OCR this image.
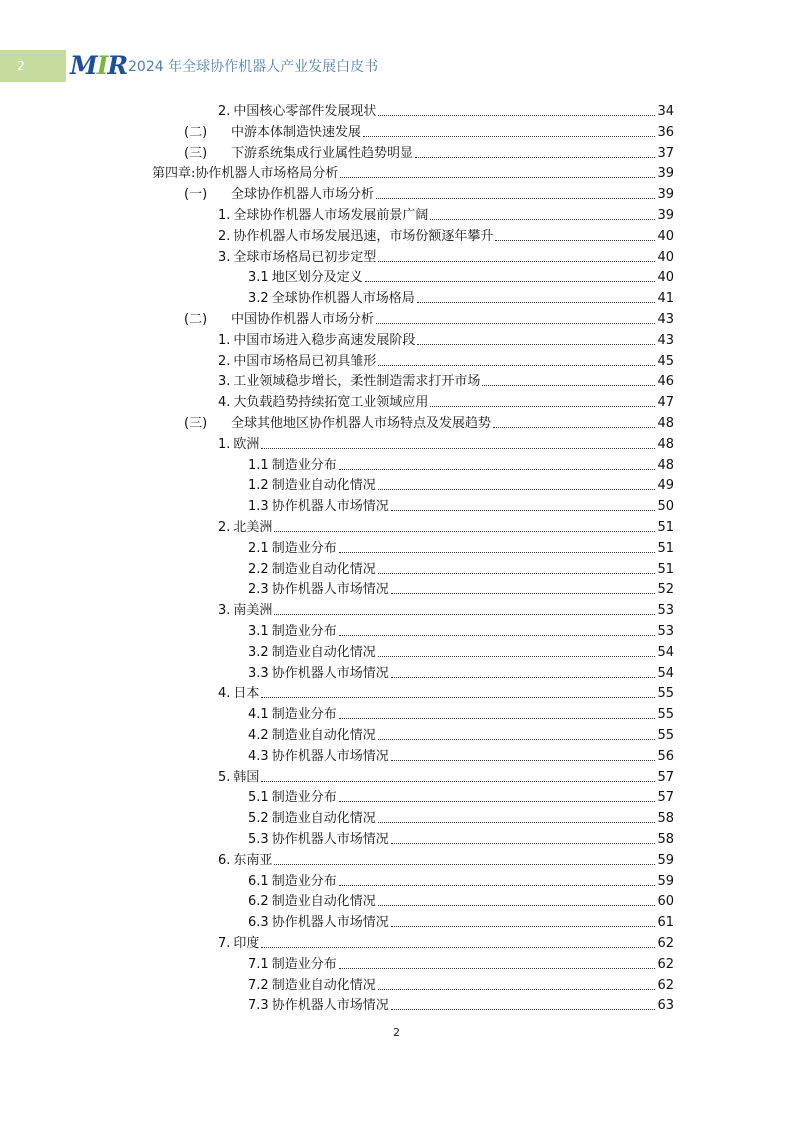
2	MIR 2024 年全球协作机器人产业发展白皮书
2. 中国核心零部件发展现状	34
(二)	中游本体制造快速发展	36
(三)	下游系统集成行业属性趋势明显	37
第四章: 协作机器人市场格局分析	39
(一)	全球协作机器人市场分析	39
1. 全球协作机器人市场发展前景广阔	39
2. 协作机器人市场发展迅速，市场份额逐年攀升	40
3. 全球市场格局已初步定型	40
3.1 地区划分及定义	40
3.2 全球协作机器人市场格局	41
(二)	中国协作机器人市场分析	43
1. 中国市场进入稳步高速发展阶段	43
2. 中国市场格局已初具雏形	45
3. 工业领域稳步增长，柔性制造需求打开市场	46
4. 大负载趋势持续拓宽工业领域应用	47
(三)	全球其他地区协作机器人市场特点及发展趋势	48
1. 欧洲	48
1.1 制造业分布	48
1.2 制造业自动化情况	49
1.3 协作机器人市场情况	50
2. 北美洲	51
2.1 制造业分布	51
2.2 制造业自动化情况	51
2.3 协作机器人市场情况	52
3. 南美洲	53
3.1 制造业分布	53
3.2 制造业自动化情况	54
3.3 协作机器人市场情况	54
4. 日本	55
4.1 制造业分布	55
4.2 制造业自动化情况	55
4.3 协作机器人市场情况	56
5. 韩国	57
5.1 制造业分布	57
5.2 制造业自动化情况	58
5.3 协作机器人市场情况	58
6. 东南亚	59
6.1 制造业分布	59
6.2 制造业自动化情况	60
6.3 协作机器人市场情况	61
7. 印度	62
7.1 制造业分布	62
7.2 制造业自动化情况	62
7.3 协作机器人市场情况	63
2
